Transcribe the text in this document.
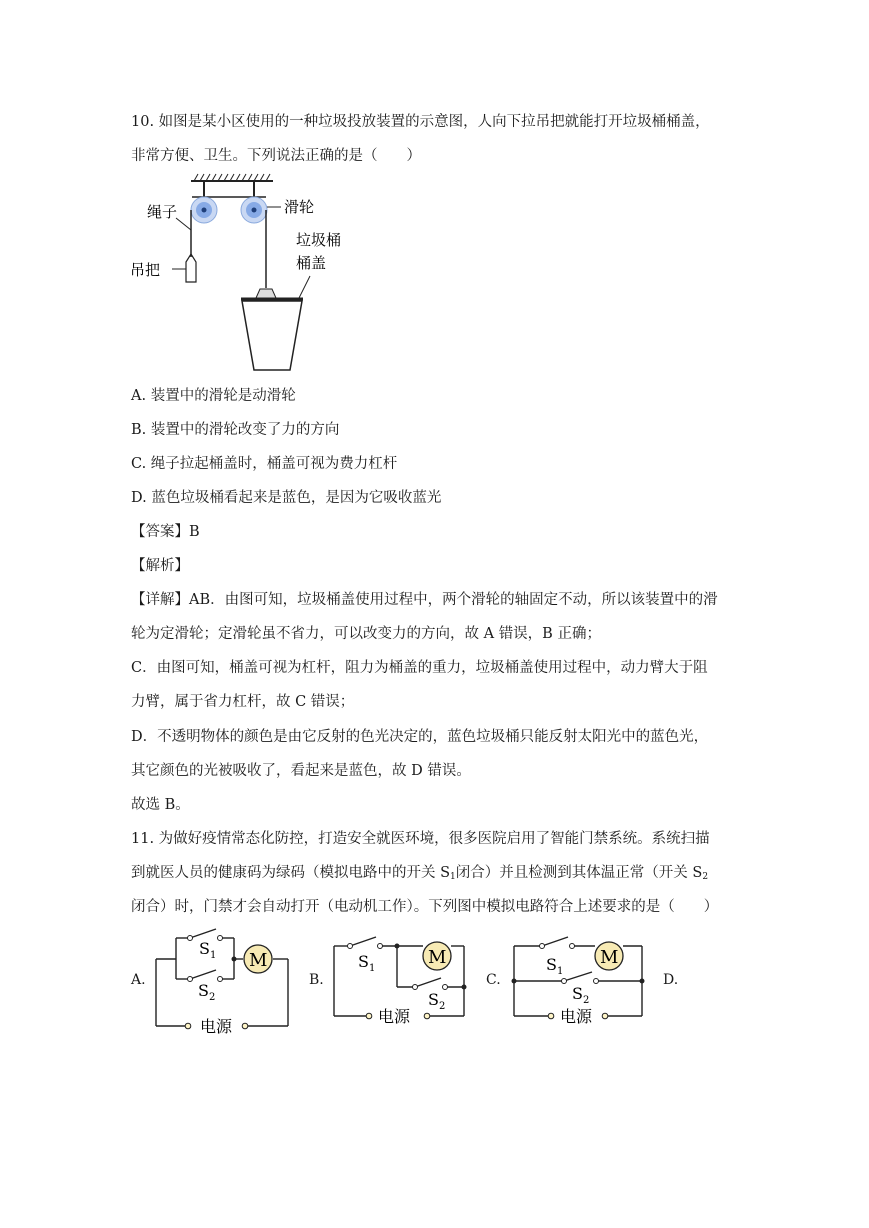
10. 如图是某小区使用的一种垃圾投放装置的示意图，人向下拉吊把就能打开垃圾桶桶盖，
非常方便、卫生。下列说法正确的是（　　）
绳子
吊把
滑轮
垃圾桶
桶盖
A. 装置中的滑轮是动滑轮
B. 装置中的滑轮改变了力的方向
C. 绳子拉起桶盖时，桶盖可视为费力杠杆
D. 蓝色垃圾桶看起来是蓝色，是因为它吸收蓝光
【答案】B
【解析】
【详解】AB．由图可知，垃圾桶盖使用过程中，两个滑轮的轴固定不动，所以该装置中的滑
轮为定滑轮；定滑轮虽不省力，可以改变力的方向，故 A 错误，B 正确；
C．由图可知，桶盖可视为杠杆，阻力为桶盖的重力，垃圾桶盖使用过程中，动力臂大于阻
力臂，属于省力杠杆，故 C 错误；
D．不透明物体的颜色是由它反射的色光决定的，蓝色垃圾桶只能反射太阳光中的蓝色光，
其它颜色的光被吸收了，看起来是蓝色，故 D 错误。
故选 B。
11. 为做好疫情常态化防控，打造安全就医环境，很多医院启用了智能门禁系统。系统扫描
到就医人员的健康码为绿码（模拟电路中的开关 $S_1$闭合）并且检测到其体温正常（开关 $S_2$
闭合）时，门禁才会自动打开（电动机工作）。下列图中模拟电路符合上述要求的是（　　）
A.	B.	C.	D.
M
$S_1$
$S_2$
电源
M
$S_1$
$S_2$
电源
M
$S_1$
$S_2$
电源
